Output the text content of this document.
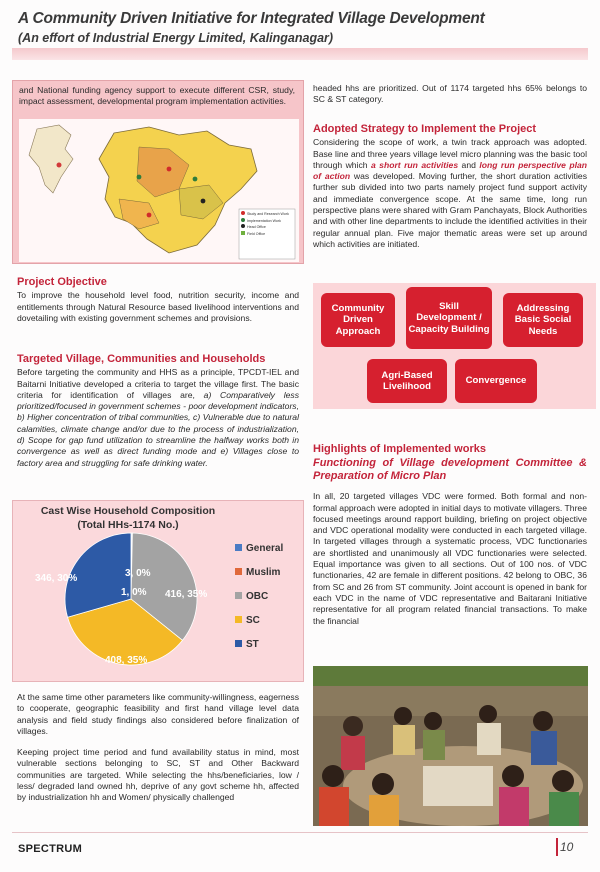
A Community Driven Initiative for Integrated Village Development
(An effort of Industrial Energy Limited, Kalinganagar)
and National funding agency support to execute different CSR, study, impact assessment, developmental program implementation activities.
Study and Research Work
Implementation Work
Head Office
Field Office
Project Objective

To improve the household level food, nutrition security, income and entitlements through Natural Resource based livelihood interventions and dovetailing with existing government schemes and provisions.

Targeted Village, Communities and Households

Before targeting the community and HHS as a principle, TPCDT-IEL and Baitarni Initiative developed a criteria to target the village first. The basic criteria for identification of villages are, a) Comparatively less prioritized/focused in government schemes - poor development indicators, b) Higher concentration of tribal communities, c) Vulnerable due to natural calamities, climate change and/or due to the process of industrialization, d) Scope for gap fund utilization to streamline the halfway works both in convergence as well as direct funding mode and e) Villages close to factory area and struggling for safe drinking water.

Cast Wise Household Composition
(Total HHs-1174 No.)
3, 0%
1, 0% 416, 35%
408, 35%
346, 30%
General
Muslim
OBC
SC
ST

At the same time other parameters like community-willingness, eagerness to cooperate, geographic feasibility and first hand village level data analysis and field study findings also considered before finalization of villages.

Keeping project time period and fund availability status in mind, most vulnerable sections belonging to SC, ST and Other Backward communities are targeted. While selecting the hhs/beneficiaries, low / less/ degraded land owned hh, deprive of any govt scheme hh, affected by industrialization hh and Women/ physically challenged

headed hhs are prioritized. Out of 1174 targeted hhs 65% belongs to SC & ST category.
Adopted Strategy to Implement the Project

Considering the scope of work, a twin track approach was adopted. Base line and three years village level micro planning was the basic tool through which a short run activities and long run perspective plan of action was developed. Moving further, the short duration activities further sub divided into two parts namely project fund support activity and immediate convergence scope. At the same time, long run perspective plans were shared with Gram Panchayats, Block Authorities and with other line departments to include the identified activities in their regular annual plan. Five major thematic areas were set up around which activities are initiated.

Community Driven Approach
Skill Development / Capacity Building
Addressing Basic Social Needs
Agri-Based Livelihood
Convergence
Highlights of Implemented works
Functioning of Village development Committee & Preparation of Micro Plan

In all, 20 targeted villages VDC were formed. Both formal and non-formal approach were adopted in initial days to motivate villagers. Three focused meetings around rapport building, briefing on project objective and VDC operational modality were conducted in each targeted village. In targeted villages through a systematic process, VDC functionaries are shortlisted and unanimously all VDC functionaries were selected. Equal importance was given to all sections. Out of 100 nos. of VDC functionaries, 42 are female in different positions. 42 belong to OBC, 36 from SC and 26 from ST community. Joint account is opened in bank for each VDC in the name of VDC representative and Baitarani Initiative representative for all program related financial transactions. To make the financial

SPECTRUM	10
